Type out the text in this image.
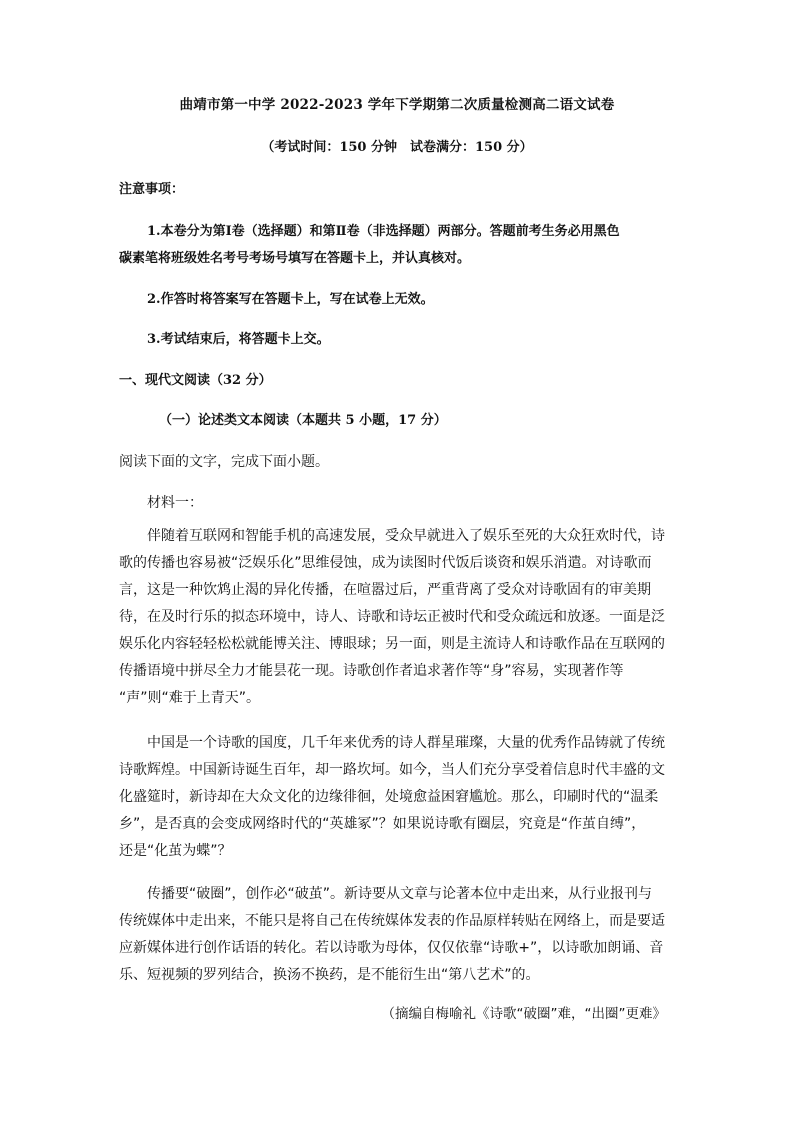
曲靖市第一中学 2022-2023 学年下学期第二次质量检测高二语文试卷
（考试时间：150 分钟　试卷满分：150 分）
注意事项：
1.本卷分为第Ⅰ卷（选择题）和第Ⅱ卷（非选择题）两部分。答题前考生务必用黑色
碳素笔将班级姓名考号考场号填写在答题卡上，并认真核对。
2.作答时将答案写在答题卡上，写在试卷上无效。
3.考试结束后，将答题卡上交。
一、现代文阅读（32 分）
（一）论述类文本阅读（本题共 5 小题，17 分）
阅读下面的文字，完成下面小题。
材料一：
　　伴随着互联网和智能手机的高速发展，受众早就进入了娱乐至死的大众狂欢时代，诗
歌的传播也容易被“泛娱乐化”思维侵蚀，成为读图时代饭后谈资和娱乐消遣。对诗歌而
言，这是一种饮鸩止渴的异化传播，在喧嚣过后，严重背离了受众对诗歌固有的审美期
待，在及时行乐的拟态环境中，诗人、诗歌和诗坛正被时代和受众疏远和放逐。一面是泛
娱乐化内容轻轻松松就能博关注、博眼球；另一面，则是主流诗人和诗歌作品在互联网的
传播语境中拼尽全力才能昙花一现。诗歌创作者追求著作等“身”容易，实现著作等
“声”则“难于上青天”。
　　中国是一个诗歌的国度，几千年来优秀的诗人群星璀璨，大量的优秀作品铸就了传统
诗歌辉煌。中国新诗诞生百年，却一路坎坷。如今，当人们充分享受着信息时代丰盛的文
化盛筵时，新诗却在大众文化的边缘徘徊，处境愈益困窘尴尬。那么，印刷时代的“温柔
乡”，是否真的会变成网络时代的“英雄冢”？如果说诗歌有圈层，究竟是“作茧自缚”，
还是“化茧为蝶”？
　　传播要“破圈”，创作必“破茧”。新诗要从文章与论著本位中走出来，从行业报刊与
传统媒体中走出来，不能只是将自己在传统媒体发表的作品原样转贴在网络上，而是要适
应新媒体进行创作话语的转化。若以诗歌为母体，仅仅依靠“诗歌+”，以诗歌加朗诵、音
乐、短视频的罗列结合，换汤不换药，是不能衍生出“第八艺术”的。
（摘编自梅喻礼《诗歌“破圈”难，“出圈”更难》
